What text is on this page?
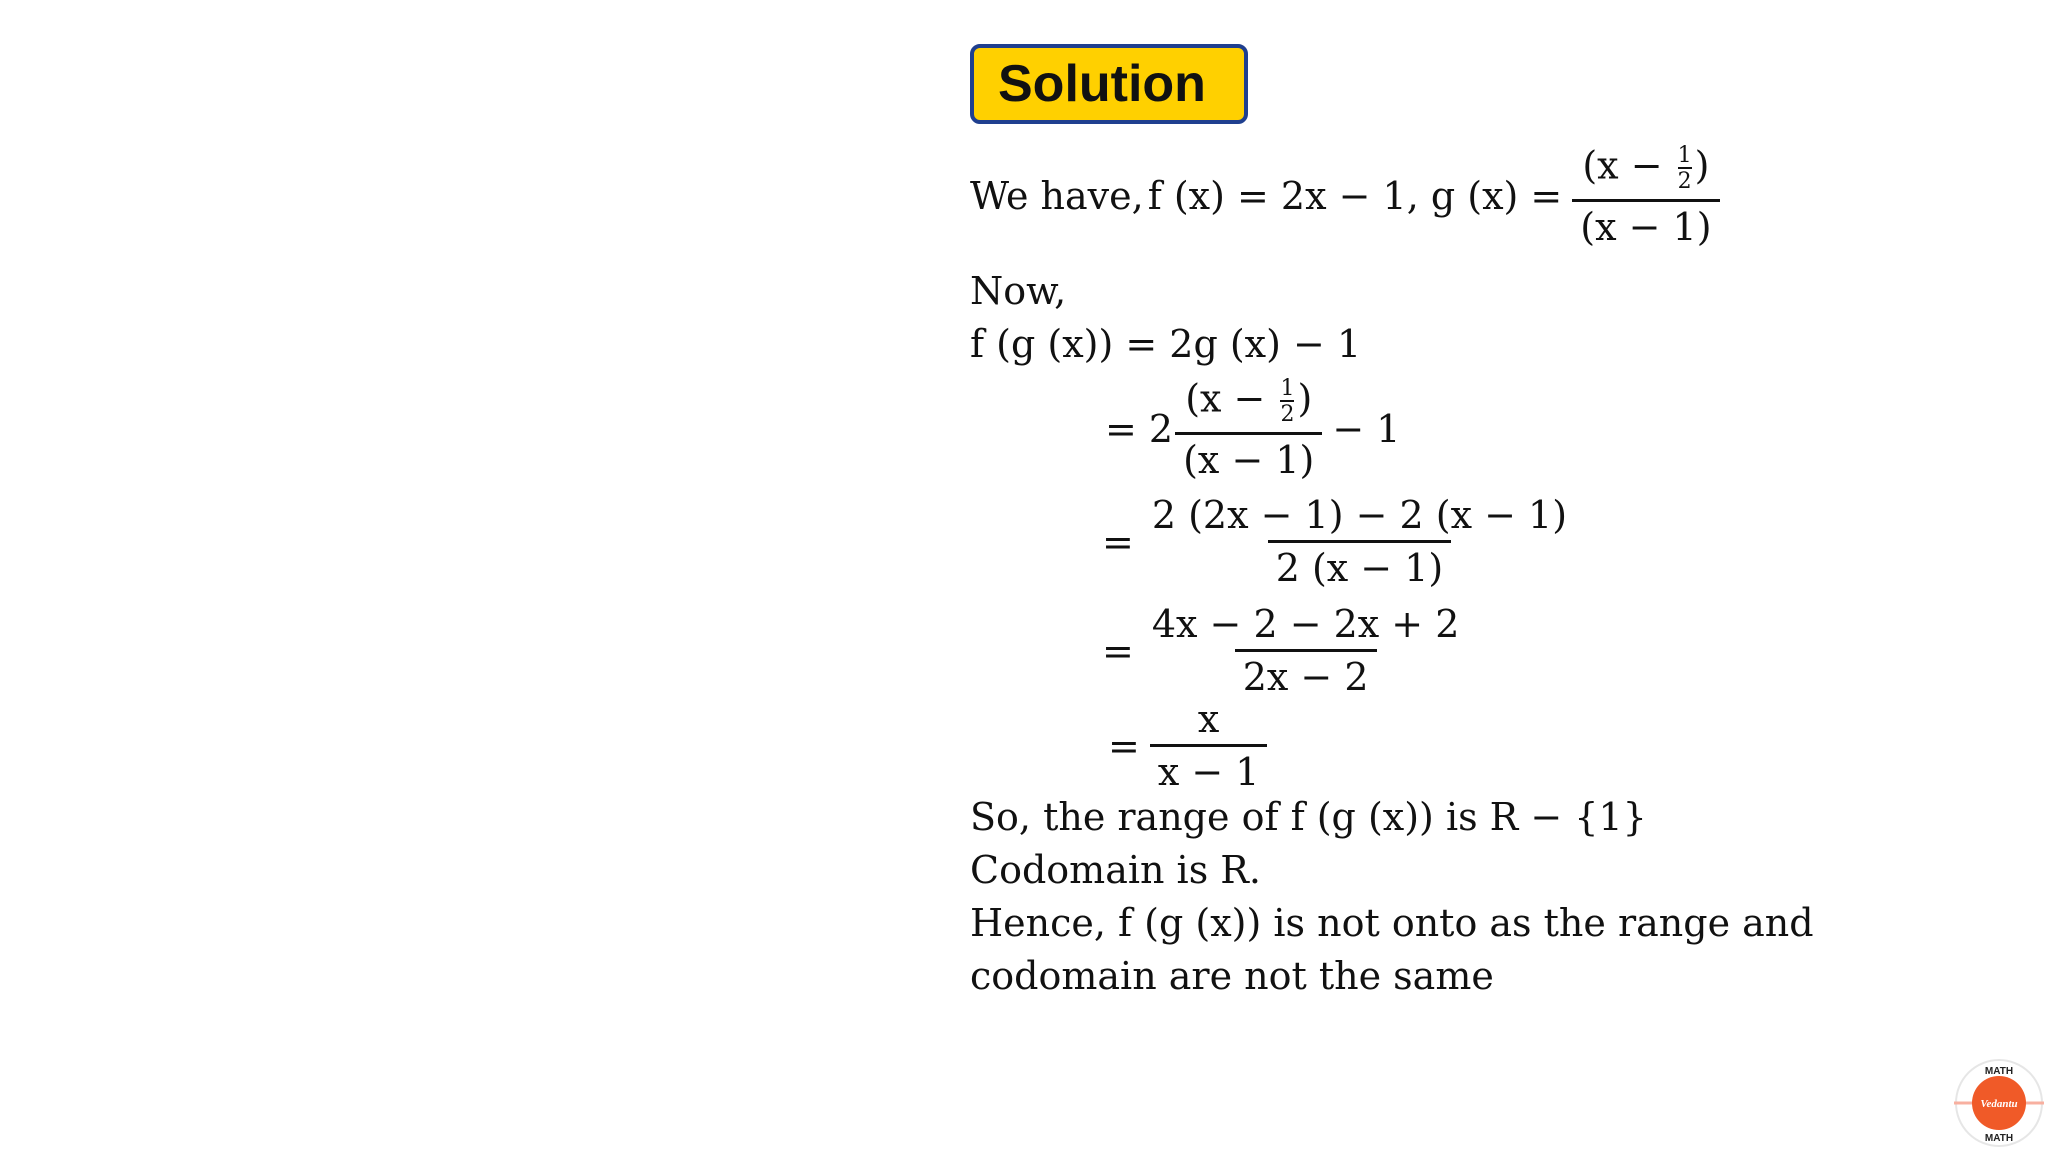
Solution
We have, f (x) = 2x − 1, g $(x) = \frac{(x - \frac{1}{2} )}{(x - 1)}$
Now,
f (g (x)) = 2g (x) − 1
= $2 \frac{(x - \frac{1}{2} )}{(x - 1)} - 1$
= $\frac{2 (2x - 1) - 2 (x - 1)}{2 (x - 1)}$
= $\frac{4x - 2 - 2x + 2}{2x - 2}$
= $\frac{x}{x - 1}$
So, the range of f (g (x)) is R − {1}
Codomain is R.
Hence, f (g (x)) is not onto as the range and
codomain are not the same
MATH
Vedantu
MATH
